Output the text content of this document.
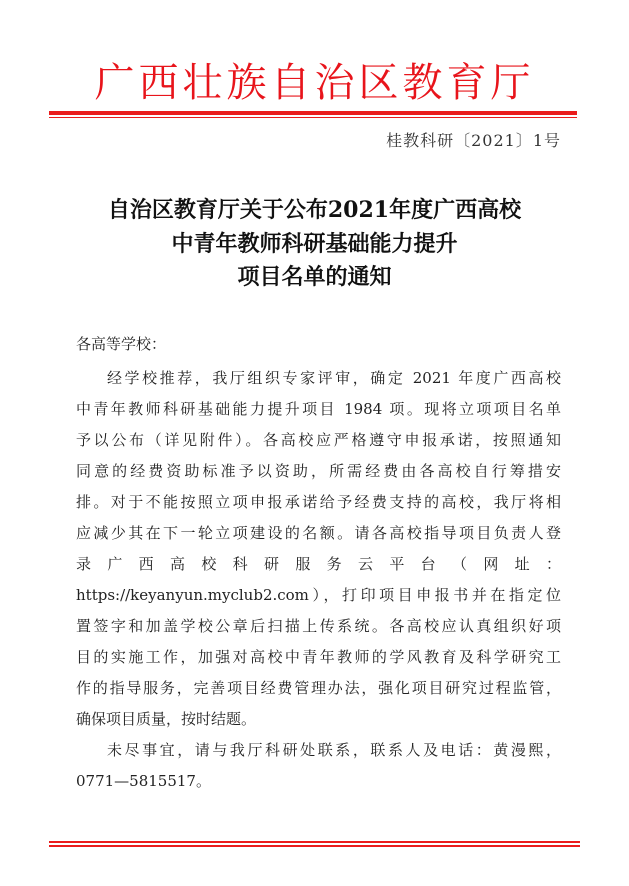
广西壮族自治区教育厅
桂教科研〔2021〕1号
自治区教育厅关于公布2021年度广西高校
中青年教师科研基础能力提升
项目名单的通知
各高等学校：
经学校推荐，我厅组织专家评审，确定 2021 年度广西高校
中青年教师科研基础能力提升项目 1984 项。现将立项项目名单
予以公布（详见附件）。各高校应严格遵守申报承诺，按照通知
同意的经费资助标准予以资助，所需经费由各高校自行筹措安
排。对于不能按照立项申报承诺给予经费支持的高校，我厅将相
应减少其在下一轮立项建设的名额。请各高校指导项目负责人登
录广西高校科研服务云平台（网址：
https://keyanyun.myclub2.com），打印项目申报书并在指定位
置签字和加盖学校公章后扫描上传系统。各高校应认真组织好项
目的实施工作，加强对高校中青年教师的学风教育及科学研究工
作的指导服务，完善项目经费管理办法，强化项目研究过程监管，
确保项目质量，按时结题。
未尽事宜，请与我厅科研处联系，联系人及电话：黄漫熙，
0771—5815517。
